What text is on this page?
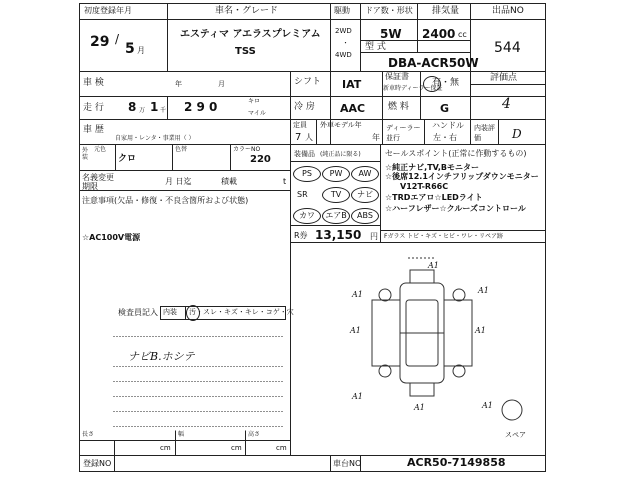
初度登録年月
29 /
5 月
車名・グレード
エスティマ アエラスプレミアム
TSS
駆動
2WD
・
4WD
ドア数・形状
5W
排気量
2400 cc
型 式
DBA-ACR50W
出品NO
544
車 検	年	月
走 行 8 万 1 千 2 9 0	キロ
マイル
車 歴
自家用・レンタ・事業用（ ）
シフト IAT
冷 房 AAC
保証書
新車時ディーラー保証
有・無
燃 料	G
定員
7 人
外車モデル年
年
ディーラー並行
ハンドル
左・右
評価点
4
内装評価	D
外装
元色
クロ
色替	カラーNO
220
名義変更期限
月 日迄	積載	t
装備品 (純正品に限る)
PS	PW	AW
SR	TV	ナビ
カワ	エアB	ABS
R券 13,150 円
セールスポイント(正常に作動するもの)
☆純正ナビ,TV,Bモニター
☆後席12.1インチフリップダウンモニター
V12T-R66C
☆TRDエアロ☆LEDライト
☆ハーフレザー☆クルーズコントロール
Fガラス トビ・キズ・ヒビ・ワレ・リペア跡
注意事項(欠品・修復・不良含箇所および状態)
☆AC100V電源
検査員記入 内装 汚・スレ・キズ・キレ・コゲ・穴
ナビB.ホシテ
A1
A1	A1
A1	A1
A1
A1	A1
スペア
長さ	幅	高さ
cm	cm	cm
登録NO	車台NO	ACR50-7149858
